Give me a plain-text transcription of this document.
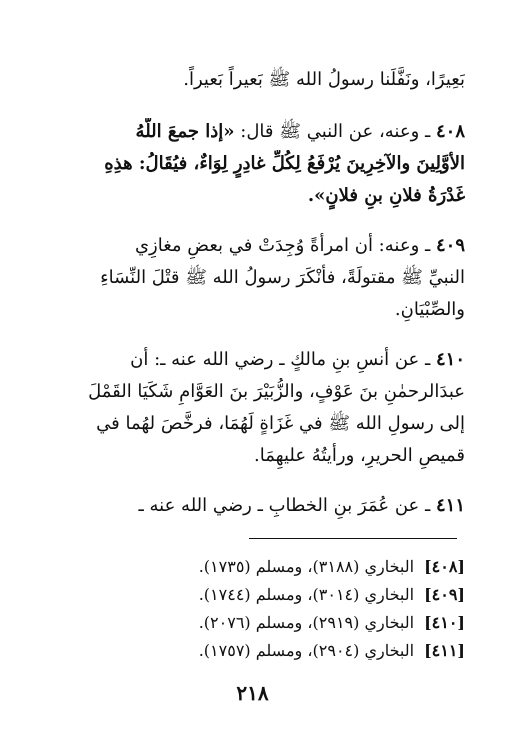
بَعِيرًا، ونَفَّلَنا رسولُ الله ﷺ بَعيراً بَعيراً.
٤٠٨ ـ وعنه، عن النبي ﷺ قال: «إذا جمعَ اللّهُ
الأوَّلِينَ والآخِرِينَ يُرْفَعُ لِكُلِّ غادِرٍ لِوَاءٌ، فيُقَالُ: هذِهِ
غَدْرَةُ فلانِ بنِ فلانٍ».
٤٠٩ ـ وعنه: أن امرأةً وُجِدَتْ في بعضِ مغازِي
النبيِّ ﷺ مقتولَةً، فأنْكَرَ رسولُ الله ﷺ قتْلَ النِّسَاءِ
والصِّبْيَانِ.
٤١٠ ـ عن أنسِ بنِ مالكٍ ـ رضي الله عنه ـ: أن
عبدَالرحمٰنِ بنَ عَوْفٍ، والزُّبَيْرَ بنَ العَوَّامِ شَكَيَا القَمْلَ
إلى رسولِ الله ﷺ في غَزَاةٍ لَهُمَا، فرخَّصَ لهُما في
قميصِ الحريرِ، ورأيتُهُ عليهِمَا.
٤١١ ـ عن عُمَرَ بنِ الخطابِ ـ رضي الله عنه ـ
[٤٠٨]البخاري (٣١٨٨)، ومسلم (١٧٣٥).
[٤٠٩]البخاري (٣٠١٤)، ومسلم (١٧٤٤).
[٤١٠]البخاري (٢٩١٩)، ومسلم (٢٠٧٦).
[٤١١]البخاري (٢٩٠٤)، ومسلم (١٧٥٧).
٢١٨
